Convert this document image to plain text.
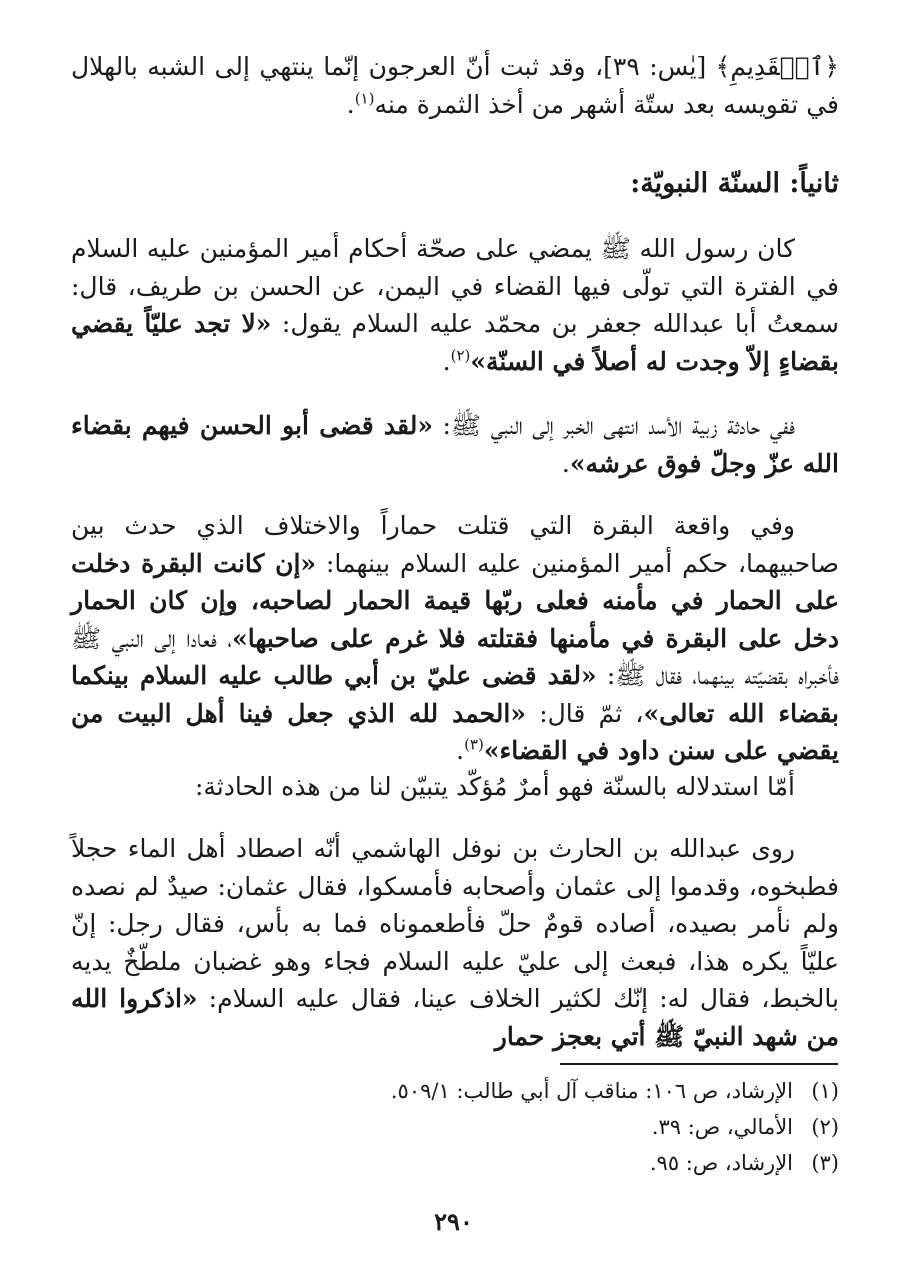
﴿ٱلۡقَدِيمِ﴾ [يٰس: ٣٩]، وقد ثبت أنّ العرجون إنّما ينتهي إلى الشبه بالهلال في تقويسه بعد ستّة أشهر من أخذ الثمرة منه$^{(١)}$.
ثانياً: السنّة النبويّة:
كان رسول الله ﷺ يمضي على صحّة أحكام أمير المؤمنين عليه السلام في الفترة التي تولّى فيها القضاء في اليمن، عن الحسن بن طريف، قال: سمعتُ أبا عبدالله جعفر بن محمّد عليه السلام يقول: «لا تجد عليّاً يقضي بقضاءٍ إلاّ وجدت له أصلاً في السنّة»$^{(٢)}$.
ففي حادثة زبية الأسد انتهى الخبر إلى النبي ﷺ: «لقد قضى أبو الحسن فيهم بقضاء الله عزّ وجلّ فوق عرشه».
وفي واقعة البقرة التي قتلت حماراً والاختلاف الذي حدث بين صاحبيهما، حكم أمير المؤمنين عليه السلام بينهما: «إن كانت البقرة دخلت على الحمار في مأمنه فعلى ربّها قيمة الحمار لصاحبه، وإن كان الحمار دخل على البقرة في مأمنها فقتلته فلا غرم على صاحبها»، فعادا إلى النبي ﷺ فأخبراه بقضيّته بينهما، فقال ﷺ: «لقد قضى عليّ بن أبي طالب عليه السلام بينكما بقضاء الله تعالى»، ثمّ قال: «الحمد لله الذي جعل فينا أهل البيت من يقضي على سنن داود في القضاء»$^{(٣)}$.
أمّا استدلاله بالسنّة فهو أمرٌ مُؤكّد يتبيّن لنا من هذه الحادثة:
روى عبدالله بن الحارث بن نوفل الهاشمي أنّه اصطاد أهل الماء حجلاً فطبخوه، وقدموا إلى عثمان وأصحابه فأمسكوا، فقال عثمان: صيدٌ لم نصده ولم نأمر بصيده، أصاده قومٌ حلّ فأطعموناه فما به بأس، فقال رجل: إنّ عليّاً يكره هذا، فبعث إلى عليّ عليه السلام فجاء وهو غضبان ملطّخٌ يديه بالخبط، فقال له: إنّك لكثير الخلاف عينا، فقال عليه السلام: «اذكروا الله من شهد النبيّ ﷺ أتي بعجز حمار
(١)الإرشاد، ص ١٠٦: مناقب آل أبي طالب: ٥٠٩/١.
(٢)الأمالي، ص: ٣٩.
(٣)الإرشاد، ص: ٩٥.
٢٩٠
